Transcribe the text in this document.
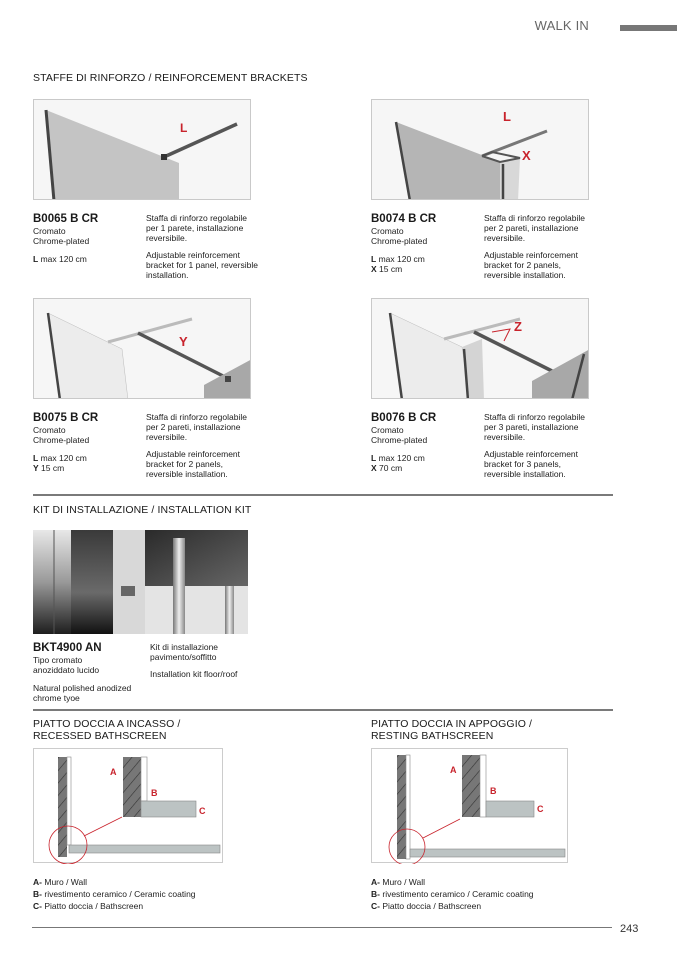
WALK IN
STAFFE DI RINFORZO / REINFORCEMENT BRACKETS
L
B0065 B CR
Cromato
Chrome-plated
L max 120 cm

Staffa di rinforzo regolabile per 1 parete, installazione reversibile.

Adjustable reinforcement bracket for 1 panel, reversible installation.

L
X
B0074 B CR
Cromato
Chrome-plated
L max 120 cm
X 15 cm

Staffa di rinforzo regolabile per 2 pareti, installazione reversibile.

Adjustable reinforcement bracket for 2 panels, reversible installation.

Y
B0075 B CR
Cromato
Chrome-plated
L max 120 cm
Y 15 cm

Staffa di rinforzo regolabile per 2 pareti, installazione reversibile.

Adjustable reinforcement bracket for 2 panels, reversible installation.

Z
B0076 B CR
Cromato
Chrome-plated
L max 120 cm
X 70 cm

Staffa di rinforzo regolabile per 3 pareti, installazione reversibile.

Adjustable reinforcement bracket for 3 panels, reversible installation.

KIT DI INSTALLAZIONE / INSTALLATION KIT
BKT4900 AN
Tipo cromato anoziddato lucido
Natural polished anodized chrome tyoe

Kit di installazione pavimento/soffitto

Installation kit floor/roof

PIATTO DOCCIA A INCASSO /
RECESSED BATHSCREEN
A
B
C
A- Muro / Wall
B- rivestimento ceramico / Ceramic coating
C- Piatto doccia / Bathscreen
PIATTO DOCCIA IN APPOGGIO /
RESTING BATHSCREEN
A
B
C
A- Muro / Wall
B- rivestimento ceramico / Ceramic coating
C- Piatto doccia / Bathscreen
243
